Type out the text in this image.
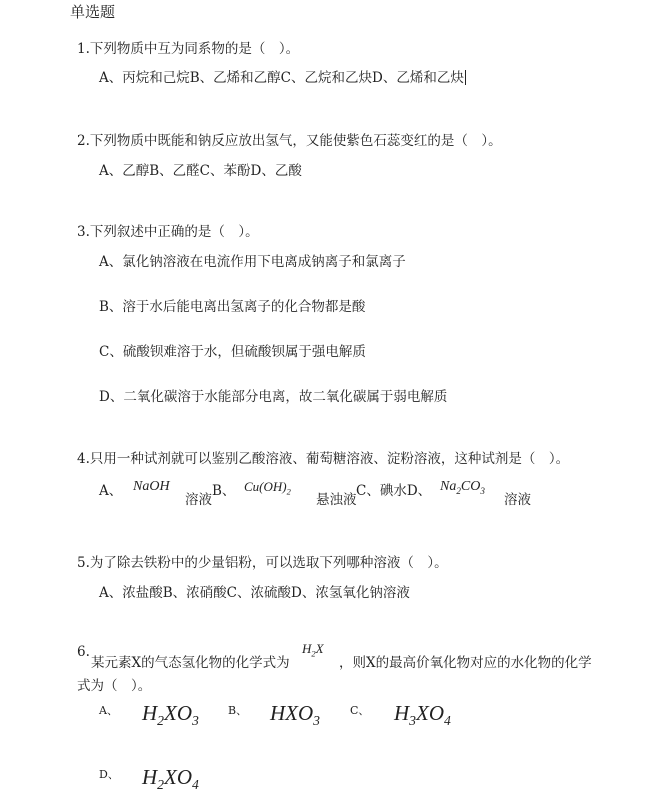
单选题
1.下列物质中互为同系物的是（　）。
A、丙烷和己烷B、乙烯和乙醇C、乙烷和乙炔D、乙烯和乙炔
2.下列物质中既能和钠反应放出氢气，又能使紫色石蕊变红的是（　）。
A、乙醇B、乙醛C、苯酚D、乙酸
3.下列叙述中正确的是（　）。
A、氯化钠溶液在电流作用下电离成钠离子和氯离子
B、溶于水后能电离出氢离子的化合物都是酸
C、硫酸钡难溶于水，但硫酸钡属于强电解质
D、二氧化碳溶于水能部分电离，故二氧化碳属于弱电解质
4.只用一种试剂就可以鉴别乙酸溶液、葡萄糖溶液、淀粉溶液，这种试剂是（　）。
A、 NaOH
溶液
B、 $Cu(OH)_2$
悬浊液
C、碘水D、 $Na_2CO_3$
溶液
5.为了除去铁粉中的少量铝粉，可以选取下列哪种溶液（　）。
A、浓盐酸B、浓硝酸C、浓硫酸D、浓氢氧化钠溶液
6.
某元素X的气态氢化物的化学式为
$H_2X$
，则X的最高价氧化物对应的水化物的化学
式为（　）。
A、 $H_2XO_3$
B、 $HXO_3$
C、 $H_3XO_4$
D、 $H_2XO_4$
